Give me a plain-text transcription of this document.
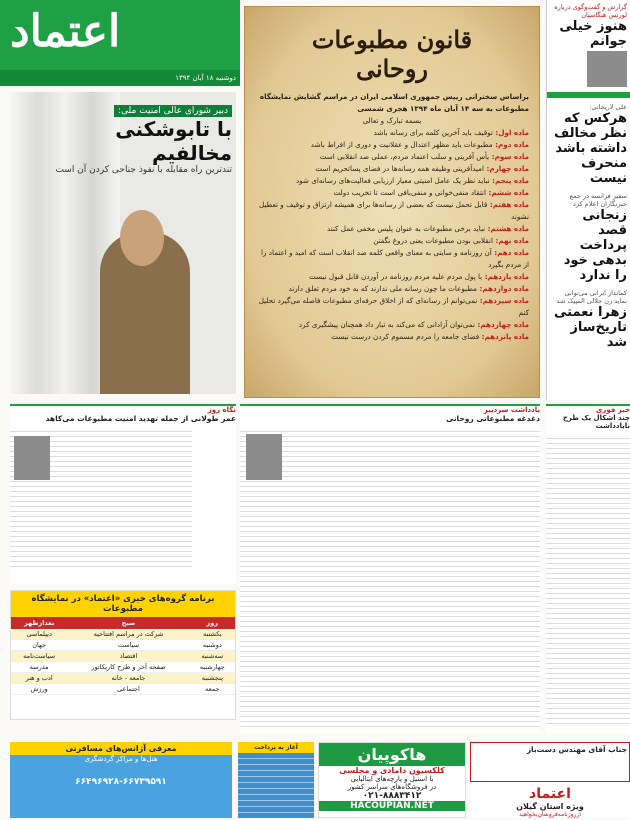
اعتماد
دوشنبه ۱۸ آبان ۱۳۹۴
دبیر شورای عالی امنیت ملی:
با تابوشکنی مخالفیم
تندترین راه مقابله با نفوذ جناحی کردن آن است
قانون مطبوعات
روحانی
براساس سخنرانی رییس جمهوری اسلامی ایران در مراسم گشایش نمایشگاه مطبوعات به سه ۱۴ آبان ماه ۱۳۹۴ هجری شمسی
بسمه تبارک و تعالی
ماده اول: توقیف باید آخرین کلمه برای رسانه باشد
ماده دوم: مطبوعات باید مظهر اعتدال و عقلانیت و دوری از افراط باشد
ماده سوم: یأس آفرینی و سلب اعتماد مردم، عملی ضد انقلابی است
ماده چهارم: امیدآفرینی وظیفه همه رسانه‌ها در فضای پساتحریم است
ماده پنجم: نباید نظر یک عامل امنیتی معیار ارزیابی فعالیت‌های رسانه‌ای شود
ماده ششم: انتقاد منفی‌خوانی و منفی‌بافی است تا تخریب دولت
ماده هفتم: قابل تحمل نیست که بعضی از رسانه‌ها برای همیشه ارتزاق و توقیف و تعطیل نشوند
ماده هشتم: نباید برخی مطبوعات به عنوان پلیس مخفی عمل کنند
ماده نهم: انقلابی بودن مطبوعات یعنی دروغ نگفتن
ماده دهم: آن روزنامه و سایتی به معنای واقعی کلمه ضد انقلاب است که امید و اعتماد را از مردم بگیرد
ماده یازدهم: با پول مردم علیه مردم روزنامه در آوردن قابل قبول نیست
ماده دوازدهم: مطبوعات ما چون رسانه ملی ندارند که به خود مردم تعلق دارند
ماده سیزدهم: نمی‌توانم از رسانه‌ای که از اخلاق حرفه‌ای مطبوعات فاصله می‌گیرد تحلیل کنم
ماده چهاردهم: نمی‌توان آزادانی که می‌کند به تبار داد همچنان پیشگیری کرد
ماده پانزدهم: فضای جامعه را مردم مسموم کردن درست نیست
گزارش و گفت‌وگوی درباره لورنس هنگاسیان
هنوز خیلی جوانم
علی لاریجانی:
هرکس که نظر مخالف داشته باشد منحرف نیست
سفیر فرانسه در جمع خبرنگاران اعلام کرد
زنجانی قصد پرداخت بدهی خود را ندارد
کمانداز ایرانی می‌توانی نماید زن جلالی المپیک شد
زهرا نعمتی تاریخ‌ساز شد
نگاه روز
عمر طولانی از جمله تهدید امنیت مطبوعات می‌کاهد
یادداشت سردبیر
دغدغه مطبوعاتی روحانی
خبر فوری
چند اشکال یک طرح نا‌یادداشت
برنامه گروه‌های خبری «اعتماد» در نمایشگاه مطبوعات
روز	صبح	بعدازظهر
یکشنبه	شرکت در مراسم افتتاحیه	دیپلماسی
دوشنبه	سیاست	جهان
سه‌شنبه	اقتصاد	سیاست‌نامه
چهارشنبه	صفحه آخر و طرح کاریکاتور	مدرسه
پنجشنبه	جامعه - خانه	ادب و هنر
جمعه	اجتماعی	ورزش
معرفی آژانس‌های مسافرتی
هتل‌ها و مراکز گردشگری
۶۶۴۹۶۹۲۸-۶۶۷۳۹۵۹۱
آغاز به پرداخت	هاکوپیان
کلکسیون دامادی و مجلسی
با استیل و پارچه‌های ایتالیایی
در فروشگاه‌های سراسر کشور
۰۲۱-۸۸۸۳۴۱۲
HACOUPIAN.NET
جناب آقای مهندس دست‌باز
اعتماد
ویژه استان گیلان
ازروزنامه‌فروشان‌بخواهید
